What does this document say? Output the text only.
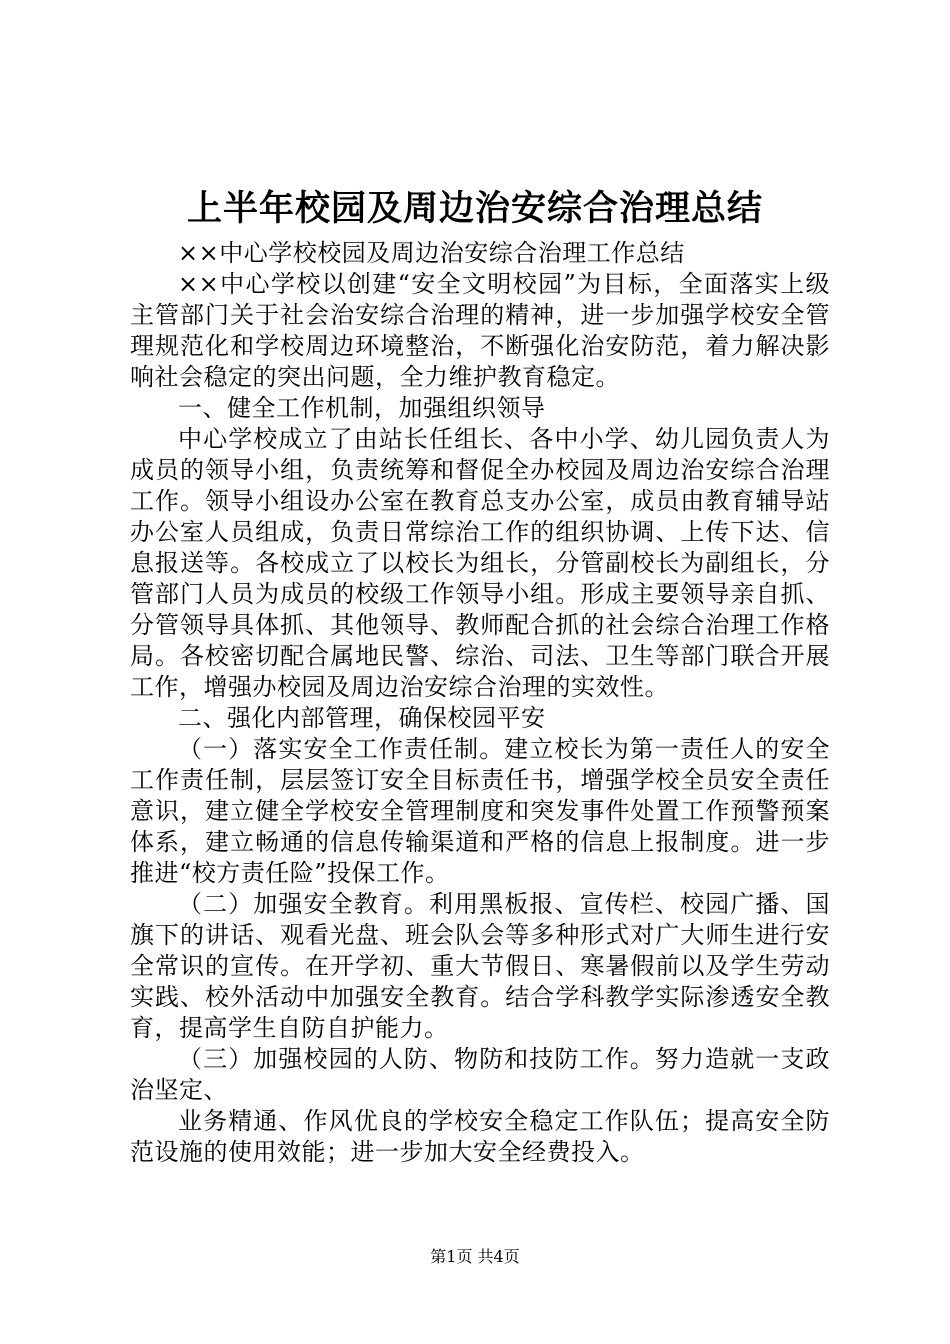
上半年校园及周边治安综合治理总结

××中心学校校园及周边治安综合治理工作总结

××中心学校以创建“安全文明校园”为目标，全面落实上级主管部门关于社会治安综合治理的精神，进一步加强学校安全管理规范化和学校周边环境整治，不断强化治安防范，着力解决影响社会稳定的突出问题，全力维护教育稳定。

一、健全工作机制，加强组织领导

中心学校成立了由站长任组长、各中小学、幼儿园负责人为成员的领导小组，负责统筹和督促全办校园及周边治安综合治理工作。领导小组设办公室在教育总支办公室，成员由教育辅导站办公室人员组成，负责日常综治工作的组织协调、上传下达、信息报送等。各校成立了以校长为组长，分管副校长为副组长，分管部门人员为成员的校级工作领导小组。形成主要领导亲自抓、分管领导具体抓、其他领导、教师配合抓的社会综合治理工作格局。各校密切配合属地民警、综治、司法、卫生等部门联合开展工作，增强办校园及周边治安综合治理的实效性。

二、强化内部管理，确保校园平安

（一）落实安全工作责任制。建立校长为第一责任人的安全工作责任制，层层签订安全目标责任书，增强学校全员安全责任意识，建立健全学校安全管理制度和突发事件处置工作预警预案体系，建立畅通的信息传输渠道和严格的信息上报制度。进一步推进“校方责任险”投保工作。

（二）加强安全教育。利用黑板报、宣传栏、校园广播、国旗下的讲话、观看光盘、班会队会等多种形式对广大师生进行安全常识的宣传。在开学初、重大节假日、寒暑假前以及学生劳动实践、校外活动中加强安全教育。结合学科教学实际渗透安全教育，提高学生自防自护能力。

（三）加强校园的人防、物防和技防工作。努力造就一支政治坚定、

业务精通、作风优良的学校安全稳定工作队伍；提高安全防范设施的使用效能；进一步加大安全经费投入。

第1页 共4页
